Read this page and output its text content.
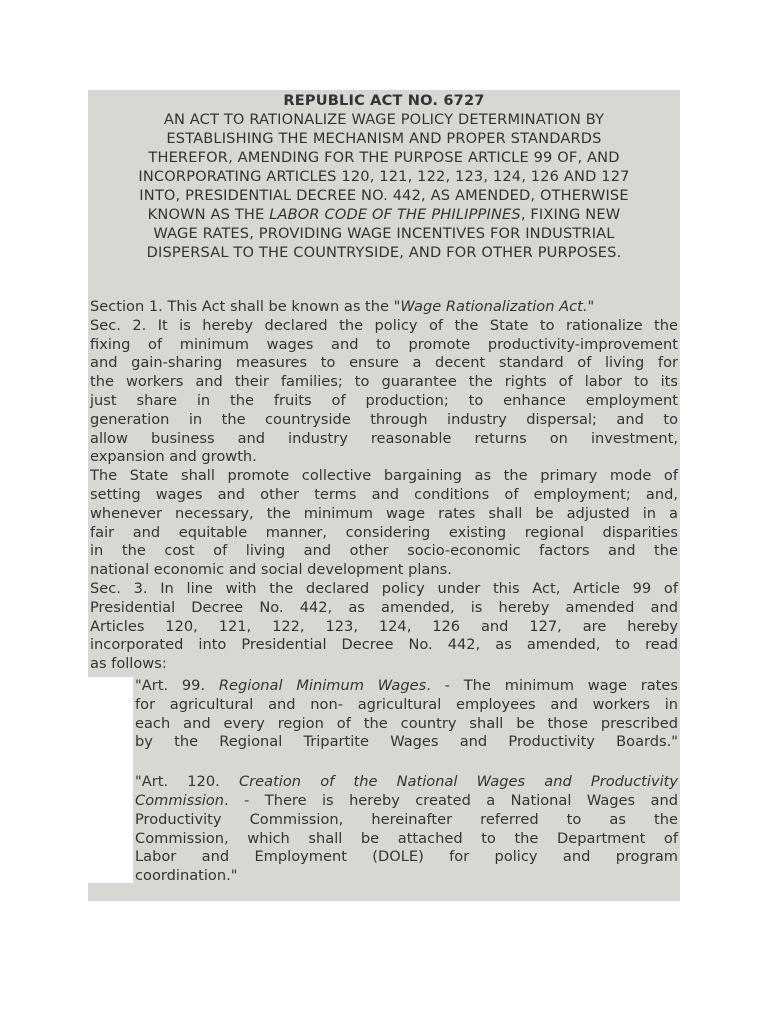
REPUBLIC ACT NO. 6727
AN ACT TO RATIONALIZE WAGE POLICY DETERMINATION BY
ESTABLISHING THE MECHANISM AND PROPER STANDARDS
THEREFOR, AMENDING FOR THE PURPOSE ARTICLE 99 OF, AND
INCORPORATING ARTICLES 120, 121, 122, 123, 124, 126 AND 127
INTO, PRESIDENTIAL DECREE NO. 442, AS AMENDED, OTHERWISE
KNOWN AS THE LABOR CODE OF THE PHILIPPINES, FIXING NEW
WAGE RATES, PROVIDING WAGE INCENTIVES FOR INDUSTRIAL
DISPERSAL TO THE COUNTRYSIDE, AND FOR OTHER PURPOSES.
Section 1. This Act shall be known as the "Wage Rationalization Act."
Sec. 2. It is hereby declared the policy of the State to rationalize the
fixing of minimum wages and to promote productivity-improvement
and gain-sharing measures to ensure a decent standard of living for
the workers and their families; to guarantee the rights of labor to its
just share in the fruits of production; to enhance employment
generation in the countryside through industry dispersal; and to
allow business and industry reasonable returns on investment,
expansion and growth.
The State shall promote collective bargaining as the primary mode of
setting wages and other terms and conditions of employment; and,
whenever necessary, the minimum wage rates shall be adjusted in a
fair and equitable manner, considering existing regional disparities
in the cost of living and other socio-economic factors and the
national economic and social development plans.
Sec. 3. In line with the declared policy under this Act, Article 99 of
Presidential Decree No. 442, as amended, is hereby amended and
Articles 120, 121, 122, 123, 124, 126 and 127, are hereby
incorporated into Presidential Decree No. 442, as amended, to read
as follows:
"Art. 99. Regional Minimum Wages. - The minimum wage rates
for agricultural and non- agricultural employees and workers in
each and every region of the country shall be those prescribed
by the Regional Tripartite Wages and Productivity Boards."
"Art. 120. Creation of the National Wages and Productivity
Commission. - There is hereby created a National Wages and
Productivity Commission, hereinafter referred to as the
Commission, which shall be attached to the Department of
Labor and Employment (DOLE) for policy and program
coordination."
